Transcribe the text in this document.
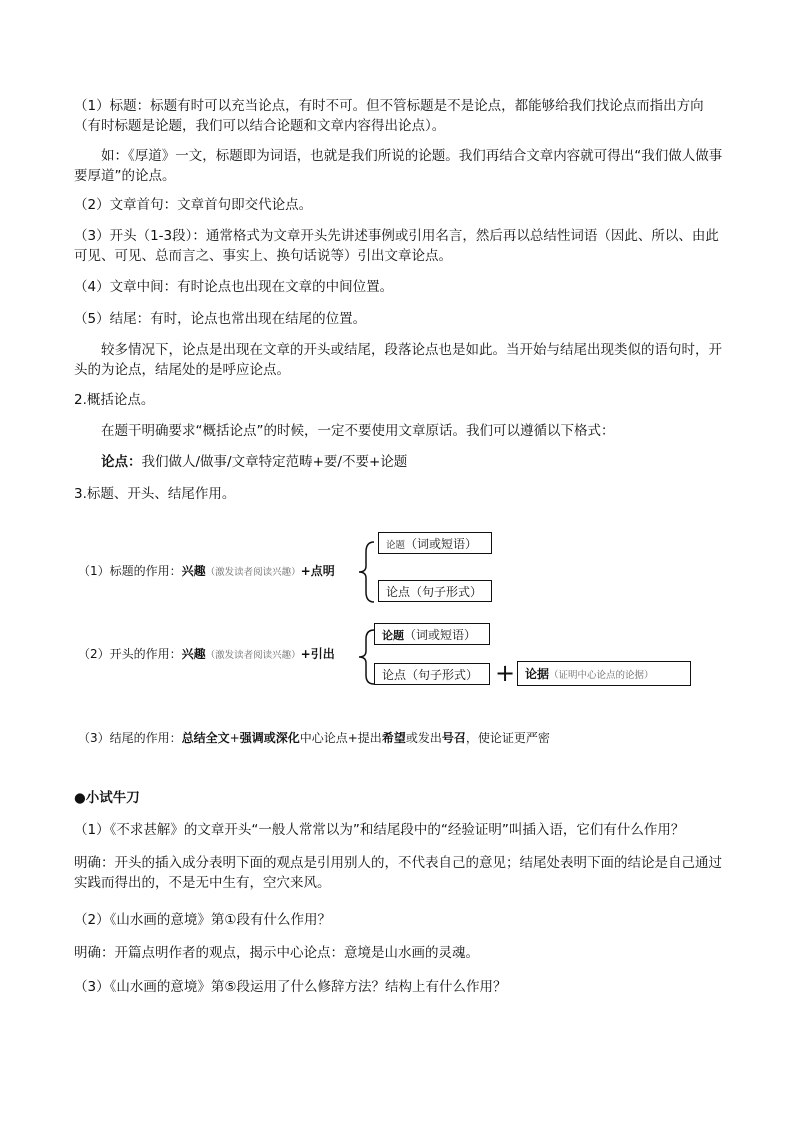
（1）标题：标题有时可以充当论点，有时不可。但不管标题是不是论点，都能够给我们找论点而指出方向（有时标题是论题，我们可以结合论题和文章内容得出论点）。
如：《厚道》一文，标题即为词语，也就是我们所说的论题。我们再结合文章内容就可得出“我们做人做事要厚道”的论点。
（2）文章首句：文章首句即交代论点。
（3）开头（1-3段）：通常格式为文章开头先讲述事例或引用名言，然后再以总结性词语（因此、所以、由此可见、可见、总而言之、事实上、换句话说等）引出文章论点。
（4）文章中间：有时论点也出现在文章的中间位置。
（5）结尾：有时，论点也常出现在结尾的位置。
较多情况下，论点是出现在文章的开头或结尾，段落论点也是如此。当开始与结尾出现类似的语句时，开头的为论点，结尾处的是呼应论点。
2.概括论点。
在题干明确要求“概括论点”的时候，一定不要使用文章原话。我们可以遵循以下格式：
论点：我们做人/做事/文章特定范畴+要/不要+论题
3.标题、开头、结尾作用。
（1）标题的作用：兴趣（激发读者阅读兴趣）+点明
论题（词或短语）
论点（句子形式）
（2）开头的作用：兴趣（激发读者阅读兴趣）+引出
论题（词或短语）
论点（句子形式） + 论据（证明中心论点的论据）
（3）结尾的作用：总结全文+强调或深化中心论点+提出希望或发出号召，使论证更严密
●小试牛刀
（1）《不求甚解》的文章开头“一般人常常以为”和结尾段中的“经验证明”叫插入语，它们有什么作用？
明确：开头的插入成分表明下面的观点是引用别人的，不代表自己的意见；结尾处表明下面的结论是自己通过实践而得出的，不是无中生有，空穴来风。
（2）《山水画的意境》第①段有什么作用？
明确：开篇点明作者的观点，揭示中心论点：意境是山水画的灵魂。
（3）《山水画的意境》第⑤段运用了什么修辞方法？结构上有什么作用？
